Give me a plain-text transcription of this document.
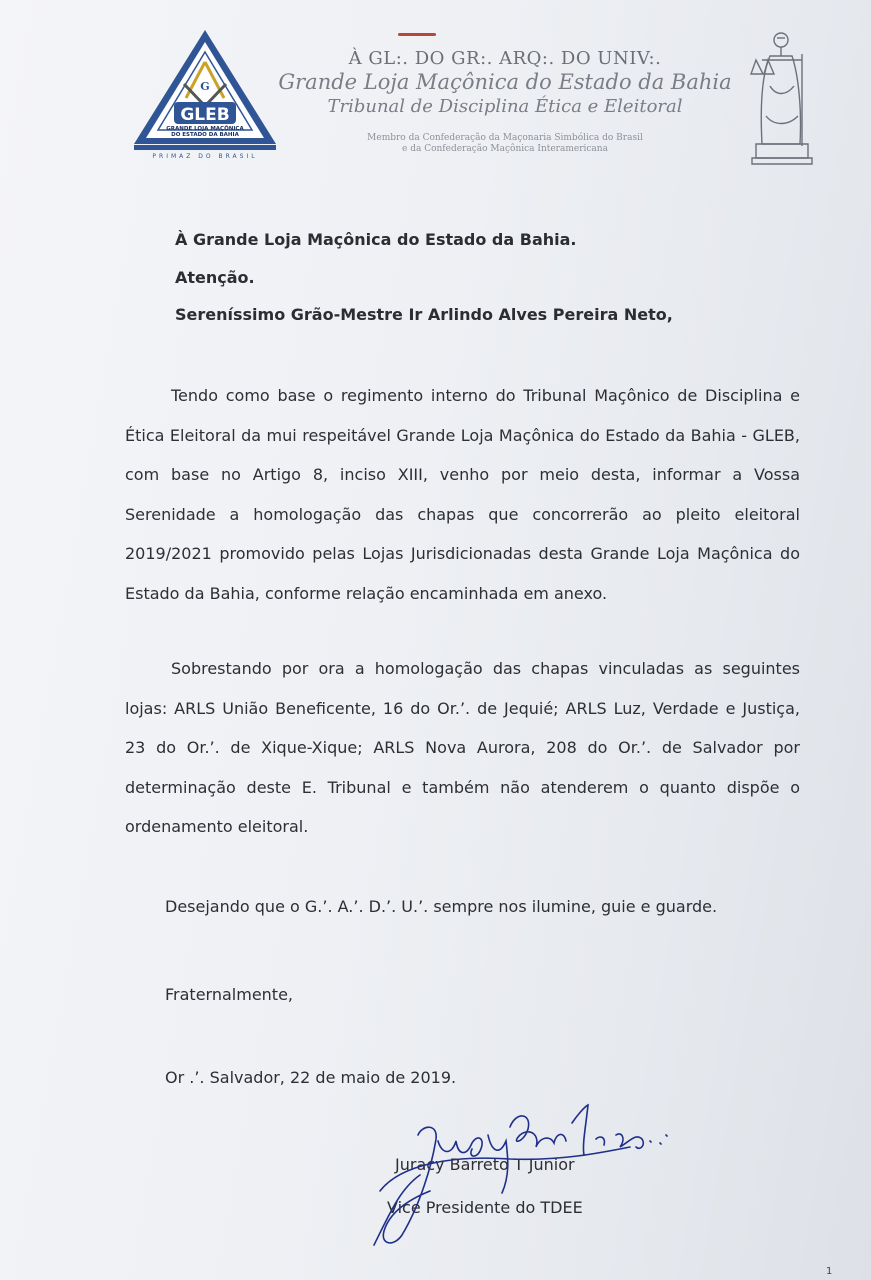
G
GLEB
GRANDE LOJA MAÇÔNICA
DO ESTADO DA BAHIA
PRIMAZ DO BRASIL

À GL:. DO GR:. ARQ:. DO UNIV:.

Grande Loja Maçônica do Estado da Bahia

Tribunal de Disciplina Ética e Eleitoral

Membro da Confederação da Maçonaria Simbólica do Brasil

e da Confederação Maçônica Interamericana

À Grande Loja Maçônica do Estado da Bahia.

Atenção.

Sereníssimo Grão-Mestre Ir Arlindo Alves Pereira Neto,

Tendo como base o regimento interno do Tribunal Maçônico de Disciplina e Ética Eleitoral da mui respeitável Grande Loja Maçônica do Estado da Bahia - GLEB, com base no Artigo 8, inciso XIII, venho por meio desta, informar a Vossa Serenidade a homologação das chapas que concorrerão ao pleito eleitoral 2019/2021 promovido pelas Lojas Jurisdicionadas desta Grande Loja Maçônica do Estado da Bahia, conforme relação encaminhada em anexo.

Sobrestando por ora a homologação das chapas vinculadas as seguintes lojas: ARLS União Beneficente, 16 do Or.’. de Jequié; ARLS Luz, Verdade e Justiça, 23 do Or.’. de Xique-Xique; ARLS Nova Aurora, 208 do Or.’. de Salvador por determinação deste E. Tribunal e também não atenderem o quanto dispõe o ordenamento eleitoral.

Desejando que o G.’. A.’. D.’. U.’. sempre nos ilumine, guie e guarde.

Fraternalmente,

Or .’. Salvador, 22 de maio de 2019.

Juracy Barreto T Junior

Vice Presidente do TDEE

1
